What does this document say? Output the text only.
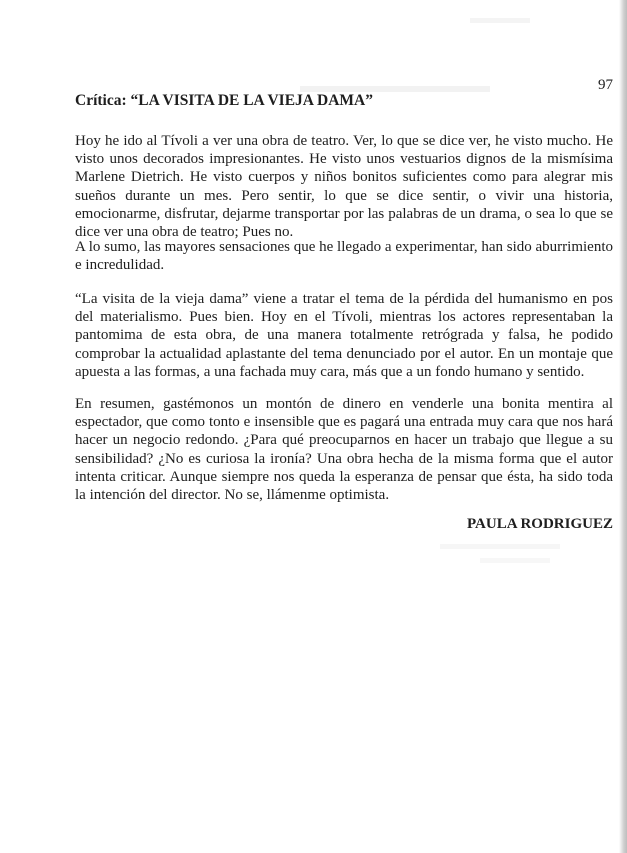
97
Crítica: “LA VISITA DE LA VIEJA DAMA”

Hoy he ido al Tívoli a ver una obra de teatro. Ver, lo que se dice ver, he visto mucho. He visto unos decorados impresionantes. He visto unos vestuarios dignos de la mismísima Marlene Dietrich. He visto cuerpos y niños bonitos suficientes como para alegrar mis sueños durante un mes. Pero sentir, lo que se dice sentir, o vivir una historia, emocionarme, disfrutar, dejarme transportar por las palabras de un drama, o sea lo que se dice ver una obra de teatro; Pues no.

A lo sumo, las mayores sensaciones que he llegado a experimentar, han sido aburrimiento e incredulidad.

“La visita de la vieja dama” viene a tratar el tema de la pérdida del humanismo en pos del materialismo. Pues bien. Hoy en el Tívoli, mientras los actores representaban la pantomima de esta obra, de una manera totalmente retrógrada y falsa, he podido comprobar la actualidad aplastante del tema denunciado por el autor. En un montaje que apuesta a las formas, a una fachada muy cara, más que a un fondo humano y sentido.

En resumen, gastémonos un montón de dinero en venderle una bonita mentira al espectador, que como tonto e insensible que es pagará una entrada muy cara que nos hará hacer un negocio redondo. ¿Para qué preocuparnos en hacer un trabajo que llegue a su sensibilidad? ¿No es curiosa la ironía? Una obra hecha de la misma forma que el autor intenta criticar. Aunque siempre nos queda la esperanza de pensar que ésta, ha sido toda la intención del director. No se, llámenme optimista.

PAULA RODRIGUEZ
